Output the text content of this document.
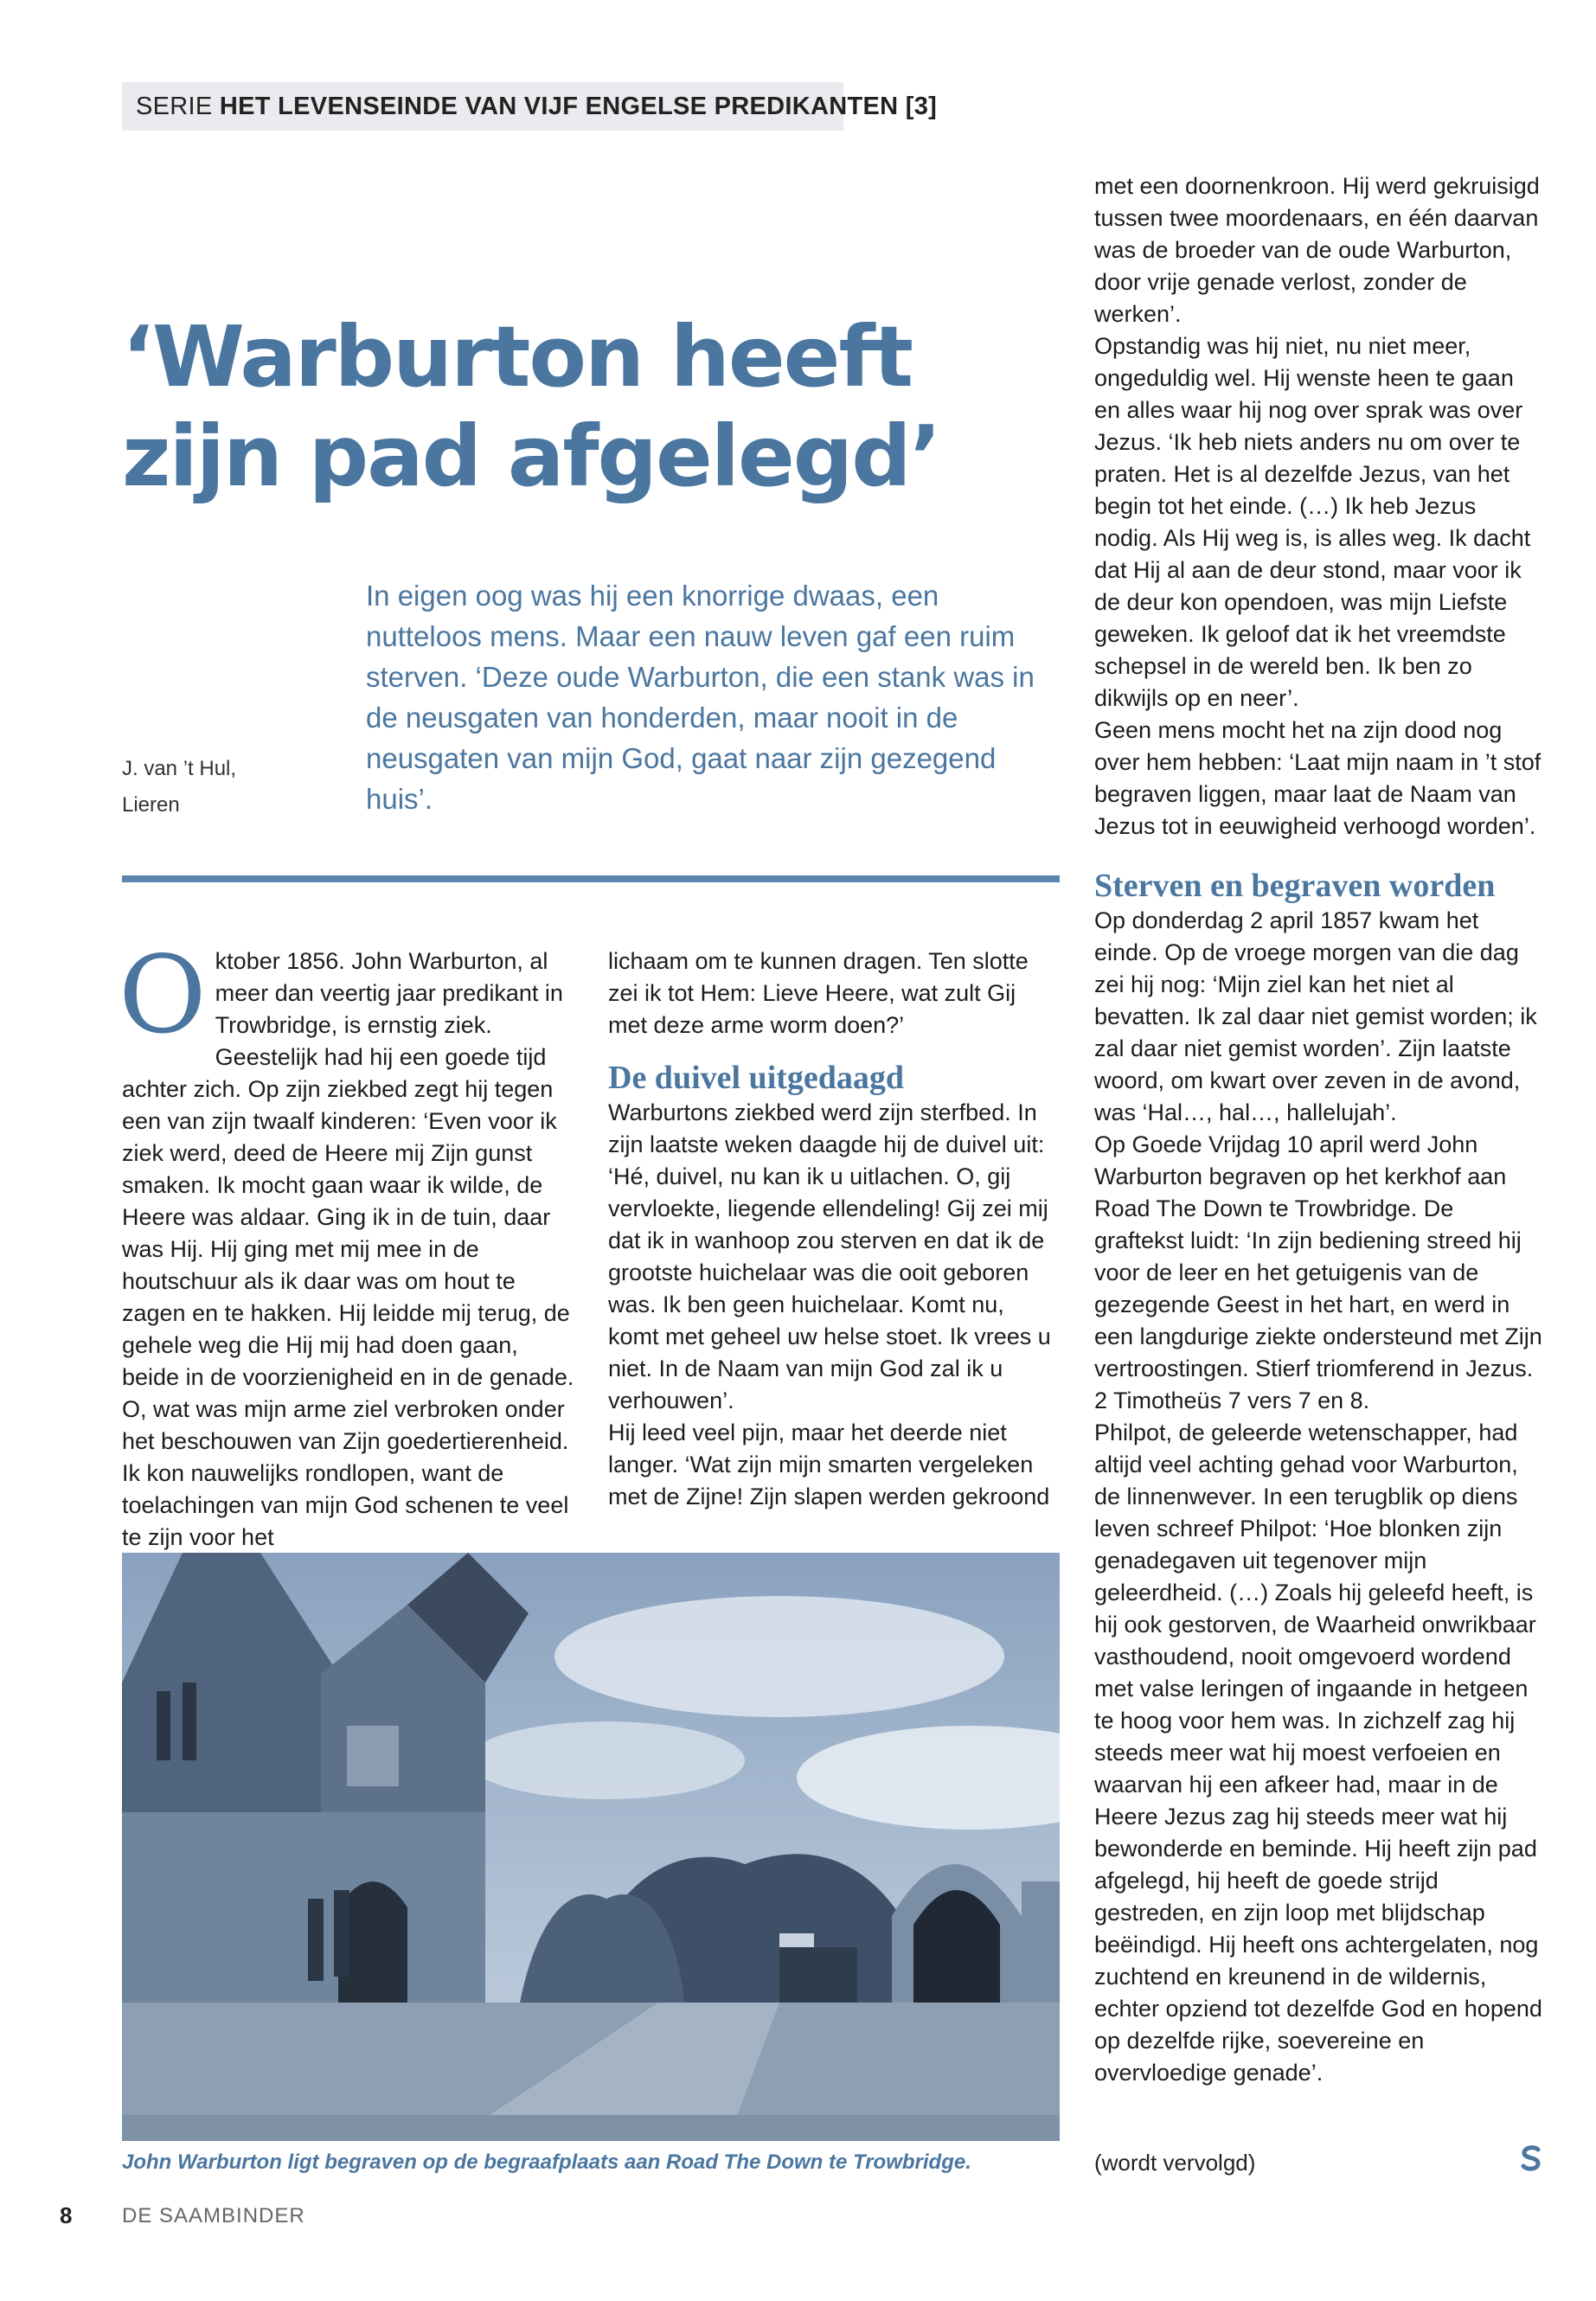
SERIE HET LEVENSEINDE VAN VIJF ENGELSE PREDIKANTEN [3]
‘Warburton heeft
zijn pad afgelegd’
J. van ’t Hul,
Lieren

In eigen oog was hij een knorrige dwaas, een nutteloos mens. Maar een nauw leven gaf een ruim sterven. ‘Deze oude Warburton, die een stank was in de neusgaten van honderden, maar nooit in de neusgaten van mijn God, gaat naar zijn gezegend huis’.

Oktober 1856. John Warburton, al meer dan veertig jaar predikant in Trowbridge, is ernstig ziek. Geestelijk had hij een goede tijd achter zich. Op zijn ziekbed zegt hij tegen een van zijn twaalf kinderen: ‘Even voor ik ziek werd, deed de Heere mij Zijn gunst smaken. Ik mocht gaan waar ik wilde, de Heere was aldaar. Ging ik in de tuin, daar was Hij. Hij ging met mij mee in de houtschuur als ik daar was om hout te zagen en te hakken. Hij leidde mij terug, de gehele weg die Hij mij had doen gaan, beide in de voorzienigheid en in de genade. O, wat was mijn arme ziel verbroken onder het beschouwen van Zijn goedertierenheid. Ik kon nauwelijks rondlopen, want de toelachingen van mijn God schenen te veel te zijn voor het

lichaam om te kunnen dragen. Ten slotte zei ik tot Hem: Lieve Heere, wat zult Gij met deze arme worm doen?’

De duivel uitgedaagd

Warburtons ziekbed werd zijn sterfbed. In zijn laatste weken daagde hij de duivel uit: ‘Hé, duivel, nu kan ik u uitlachen. O, gij vervloekte, liegende ellendeling! Gij zei mij dat ik in wanhoop zou sterven en dat ik de grootste huichelaar was die ooit geboren was. Ik ben geen huichelaar. Komt nu, komt met geheel uw helse stoet. Ik vrees u niet. In de Naam van mijn God zal ik u verhouwen’.

Hij leed veel pijn, maar het deerde niet langer. ‘Wat zijn mijn smarten vergeleken met de Zijne! Zijn slapen werden gekroond

met een doornenkroon. Hij werd gekruisigd tussen twee moordenaars, en één daarvan was de broeder van de oude Warburton, door vrije genade verlost, zonder de werken’.

Opstandig was hij niet, nu niet meer, ongeduldig wel. Hij wenste heen te gaan en alles waar hij nog over sprak was over Jezus. ‘Ik heb niets anders nu om over te praten. Het is al dezelfde Jezus, van het begin tot het einde. (…) Ik heb Jezus nodig. Als Hij weg is, is alles weg. Ik dacht dat Hij al aan de deur stond, maar voor ik de deur kon opendoen, was mijn Liefste geweken. Ik geloof dat ik het vreemdste schepsel in de wereld ben. Ik ben zo dikwijls op en neer’.

Geen mens mocht het na zijn dood nog over hem hebben: ‘Laat mijn naam in ’t stof begraven liggen, maar laat de Naam van Jezus tot in eeuwigheid verhoogd worden’.

Sterven en begraven worden

Op donderdag 2 april 1857 kwam het einde. Op de vroege morgen van die dag zei hij nog: ‘Mijn ziel kan het niet al bevatten. Ik zal daar niet gemist worden; ik zal daar niet gemist worden’. Zijn laatste woord, om kwart over zeven in de avond, was ‘Hal…, hal…, hallelujah’.

Op Goede Vrijdag 10 april werd John Warburton begraven op het kerkhof aan Road The Down te Trowbridge. De graftekst luidt: ‘In zijn bediening streed hij voor de leer en het getuigenis van de gezegende Geest in het hart, en werd in een langdurige ziekte ondersteund met Zijn vertroostingen. Stierf triomferend in Jezus. 2 Timotheüs 7 vers 7 en 8.

Philpot, de geleerde wetenschapper, had altijd veel achting gehad voor Warburton, de linnenwever. In een terugblik op diens leven schreef Philpot: ‘Hoe blonken zijn genadegaven uit tegenover mijn geleerdheid. (…) Zoals hij geleefd heeft, is hij ook gestorven, de Waarheid onwrikbaar vasthoudend, nooit omgevoerd wordend met valse leringen of ingaande in hetgeen te hoog voor hem was. In zichzelf zag hij steeds meer wat hij moest verfoeien en waarvan hij een afkeer had, maar in de Heere Jezus zag hij steeds meer wat hij bewonderde en beminde. Hij heeft zijn pad afgelegd, hij heeft de goede strijd gestreden, en zijn loop met blijdschap beëindigd. Hij heeft ons achtergelaten, nog zuchtend en kreunend in de wildernis, echter opziend tot dezelfde God en hopend op dezelfde rijke, soevereine en overvloedige genade’.

John Warburton ligt begraven op de begraafplaats aan Road The Down te Trowbridge.	(wordt vervolgd)
8 DE SAAMBINDER
